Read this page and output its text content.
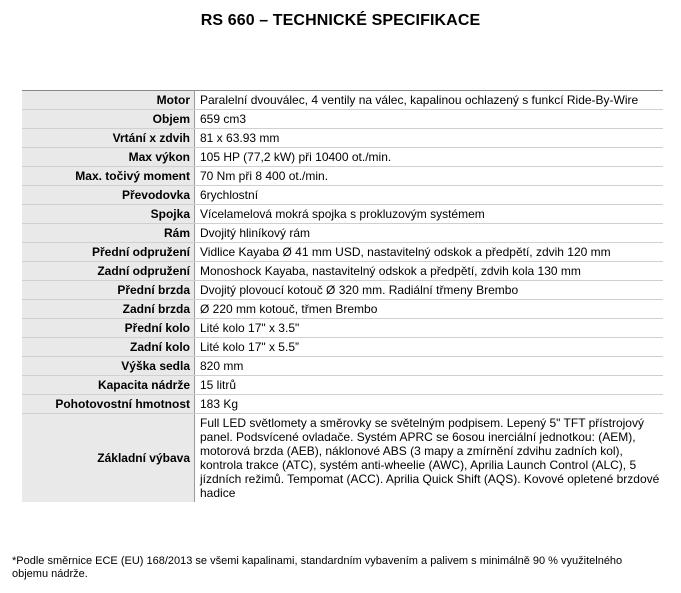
RS 660 – TECHNICKÉ SPECIFIKACE
Motor	Paralelní dvouválec, 4 ventily na válec, kapalinou ochlazený s funkcí Ride-By-Wire
Objem	659 cm3
Vrtání x zdvih	81 x 63.93 mm
Max výkon	105 HP (77,2 kW) při 10400 ot./min.
Max. točivý moment	70 Nm při 8 400 ot./min.
Převodovka	6rychlostní
Spojka	Vícelamelová mokrá spojka s prokluzovým systémem
Rám	Dvojitý hliníkový rám
Přední odpružení	Vidlice Kayaba Ø 41 mm USD, nastavitelný odskok a předpětí, zdvih 120 mm
Zadní odpružení	Monoshock Kayaba, nastavitelný odskok a předpětí, zdvih kola 130 mm
Přední brzda	Dvojitý plovoucí kotouč Ø 320 mm. Radiální třmeny Brembo
Zadní brzda	Ø 220 mm kotouč, třmen Brembo
Přední kolo	Lité kolo 17" x 3.5"
Zadní kolo	Lité kolo 17" x 5.5”
Výška sedla	820 mm
Kapacita nádrže	15 litrů
Pohotovostní hmotnost	183 Kg
Základní výbava	Full LED světlomety a směrovky se světelným podpisem. Lepený 5" TFT přístrojový panel. Podsvícené ovladače. Systém APRC se 6osou inerciální jednotkou: (AEM), motorová brzda (AEB), náklonové ABS (3 mapy a zmírnění zdvihu zadních kol), kontrola trakce (ATC), systém anti-wheelie (AWC), Aprilia Launch Control (ALC), 5 jízdních režimů. Tempomat (ACC). Aprilia Quick Shift (AQS). Kovové opletené brzdové hadice
*Podle směrnice ECE (EU) 168/2013 se všemi kapalinami, standardním vybavením a palivem s minimálně 90 % využitelného objemu nádrže.
